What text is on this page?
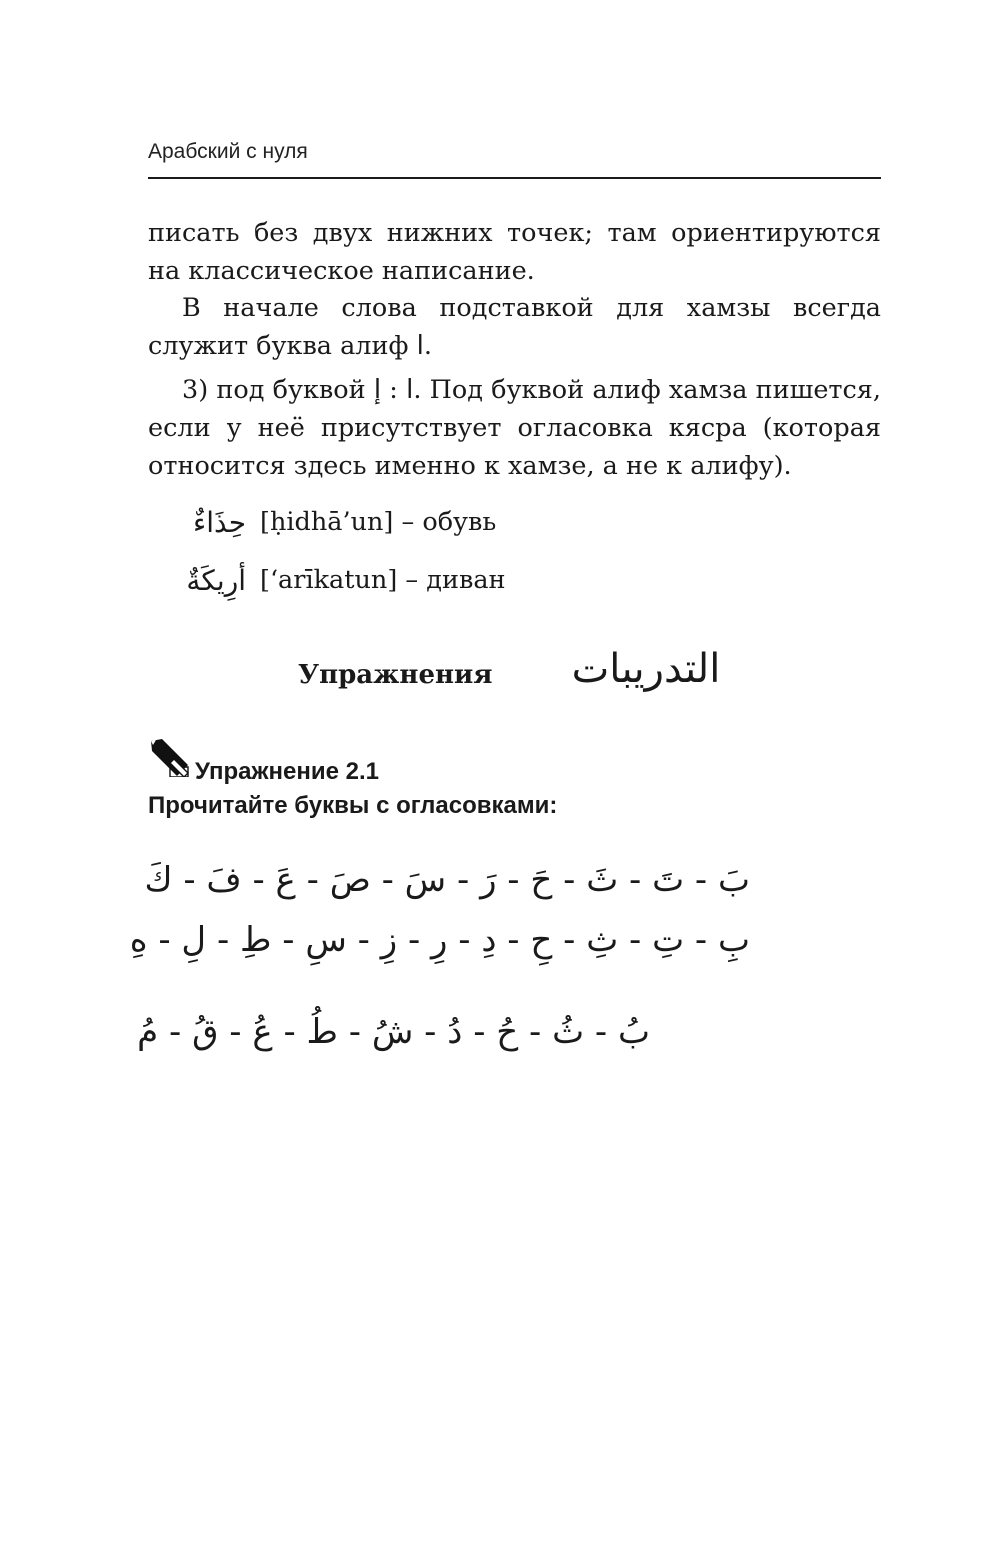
Арабский с нуля
писать без двух нижних точек; там ориентируются на классическое написание.
В начале слова подставкой для хамзы всегда служит буква алиф ا.
3) под буквой إ : ا. Под буквой алиф хамза пишется, если у неё присутствует огласовка кясра (которая относится здесь именно к хамзе, а не к алифу).
حِذَاءٌ [ḥidhā’un] – обувь
أرِيكَةٌ [‘arīkatun] – диван
Упражнения التدريبات
Упражнение 2.1
Прочитайте буквы с огласовками:
بَ - تَ - ثَ - حَ - رَ - سَ - صَ - عَ - فَ - كَ
بِ - تِ - ثِ - حِ - دِ - رِ - زِ - سِ - طِ - لِ - هِ
بُ - ثُ - حُ - دُ - شُ - طُ - عُ - قُ - مُ
